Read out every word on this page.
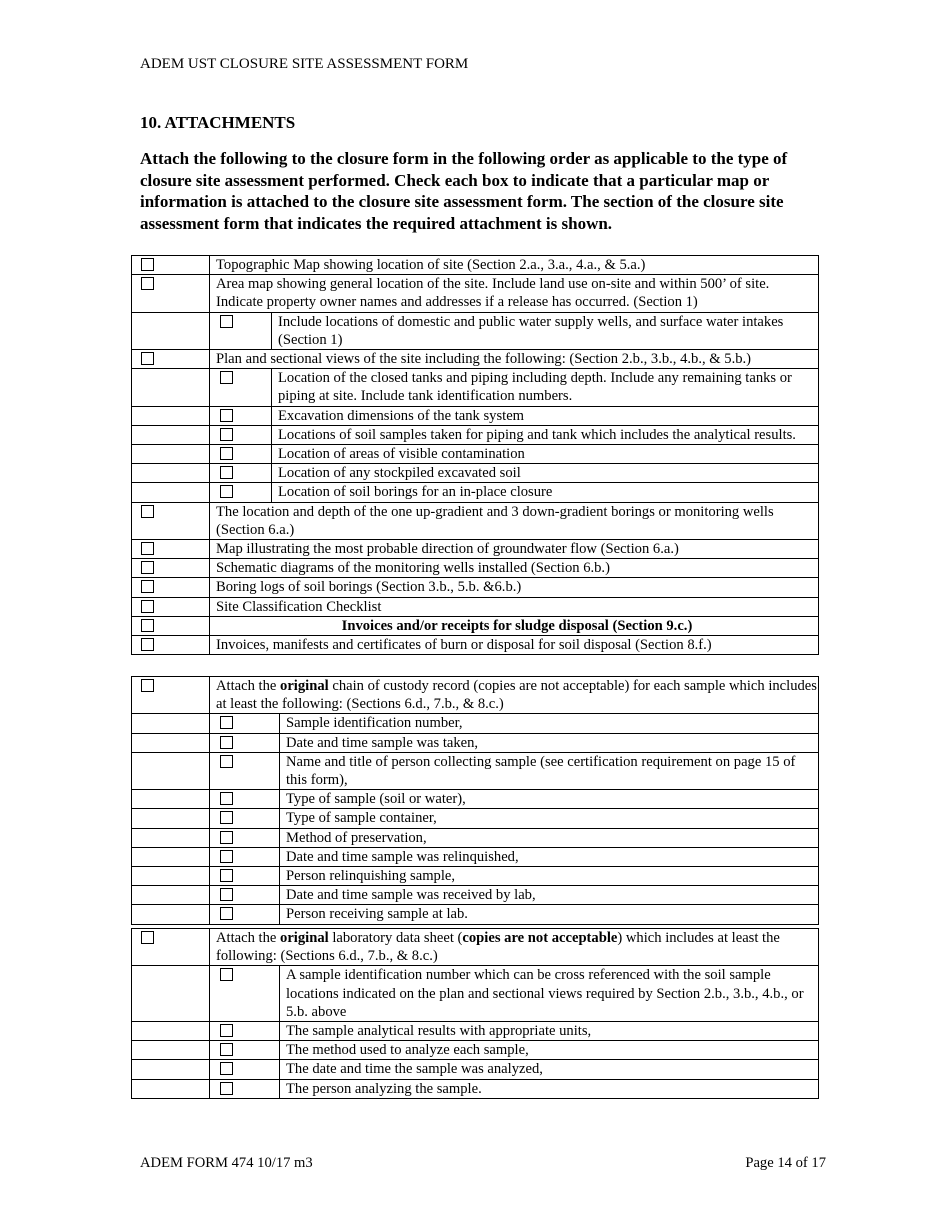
ADEM UST CLOSURE SITE ASSESSMENT FORM
10. ATTACHMENTS
Attach the following to the closure form in the following order as applicable to the type of closure site assessment performed. Check each box to indicate that a particular map or information is attached to the closure site assessment form. The section of the closure site assessment form that indicates the required attachment is shown.
	Topographic Map showing location of site (Section 2.a., 3.a., 4.a., & 5.a.)	

	Area map showing general location of the site. Include land use on-site and within 500’ of site. Indicate property owner names and addresses if a release has occurred. (Section 1)	

	Include locations of domestic and public water supply wells, and surface water intakes (Section 1)

	Plan and sectional views of the site including the following: (Section 2.b., 3.b., 4.b., & 5.b.)	

	Location of the closed tanks and piping including depth. Include any remaining tanks or piping at site. Include tank identification numbers.

	Excavation dimensions of the tank system

	Locations of soil samples taken for piping and tank which includes the analytical results.

	Location of areas of visible contamination

	Location of any stockpiled excavated soil

	Location of soil borings for an in-place closure

	The location and depth of the one up-gradient and 3 down-gradient borings or monitoring wells (Section 6.a.)	

	Map illustrating the most probable direction of groundwater flow (Section 6.a.)	

	Schematic diagrams of the monitoring wells installed (Section 6.b.)	

	Boring logs of soil borings (Section 3.b., 5.b. &6.b.)	

	Site Classification Checklist	

	Invoices and/or receipts for sludge disposal (Section 9.c.)	

	Invoices, manifests and certificates of burn or disposal for soil disposal (Section 8.f.)	
	Attach the original chain of custody record (copies are not acceptable) for each sample which includes at least the following: (Sections 6.d., 7.b., & 8.c.)	

	Sample identification number,

	Date and time sample was taken,

	Name and title of person collecting sample (see certification requirement on page 15 of this form),

	Type of sample (soil or water),

	Type of sample container,

	Method of preservation,

	Date and time sample was relinquished,

	Person relinquishing sample,

	Date and time sample was received by lab,

	Person receiving sample at lab.
	Attach the original laboratory data sheet (copies are not acceptable) which includes at least the following: (Sections 6.d., 7.b., & 8.c.)	

	A sample identification number which can be cross referenced with the soil sample locations indicated on the plan and sectional views required by Section 2.b., 3.b., 4.b., or 5.b. above

	The sample analytical results with appropriate units,

	The method used to analyze each sample,

	The date and time the sample was analyzed,

	The person analyzing the sample.
ADEM FORM 474 10/17 m3	Page 14 of 17
